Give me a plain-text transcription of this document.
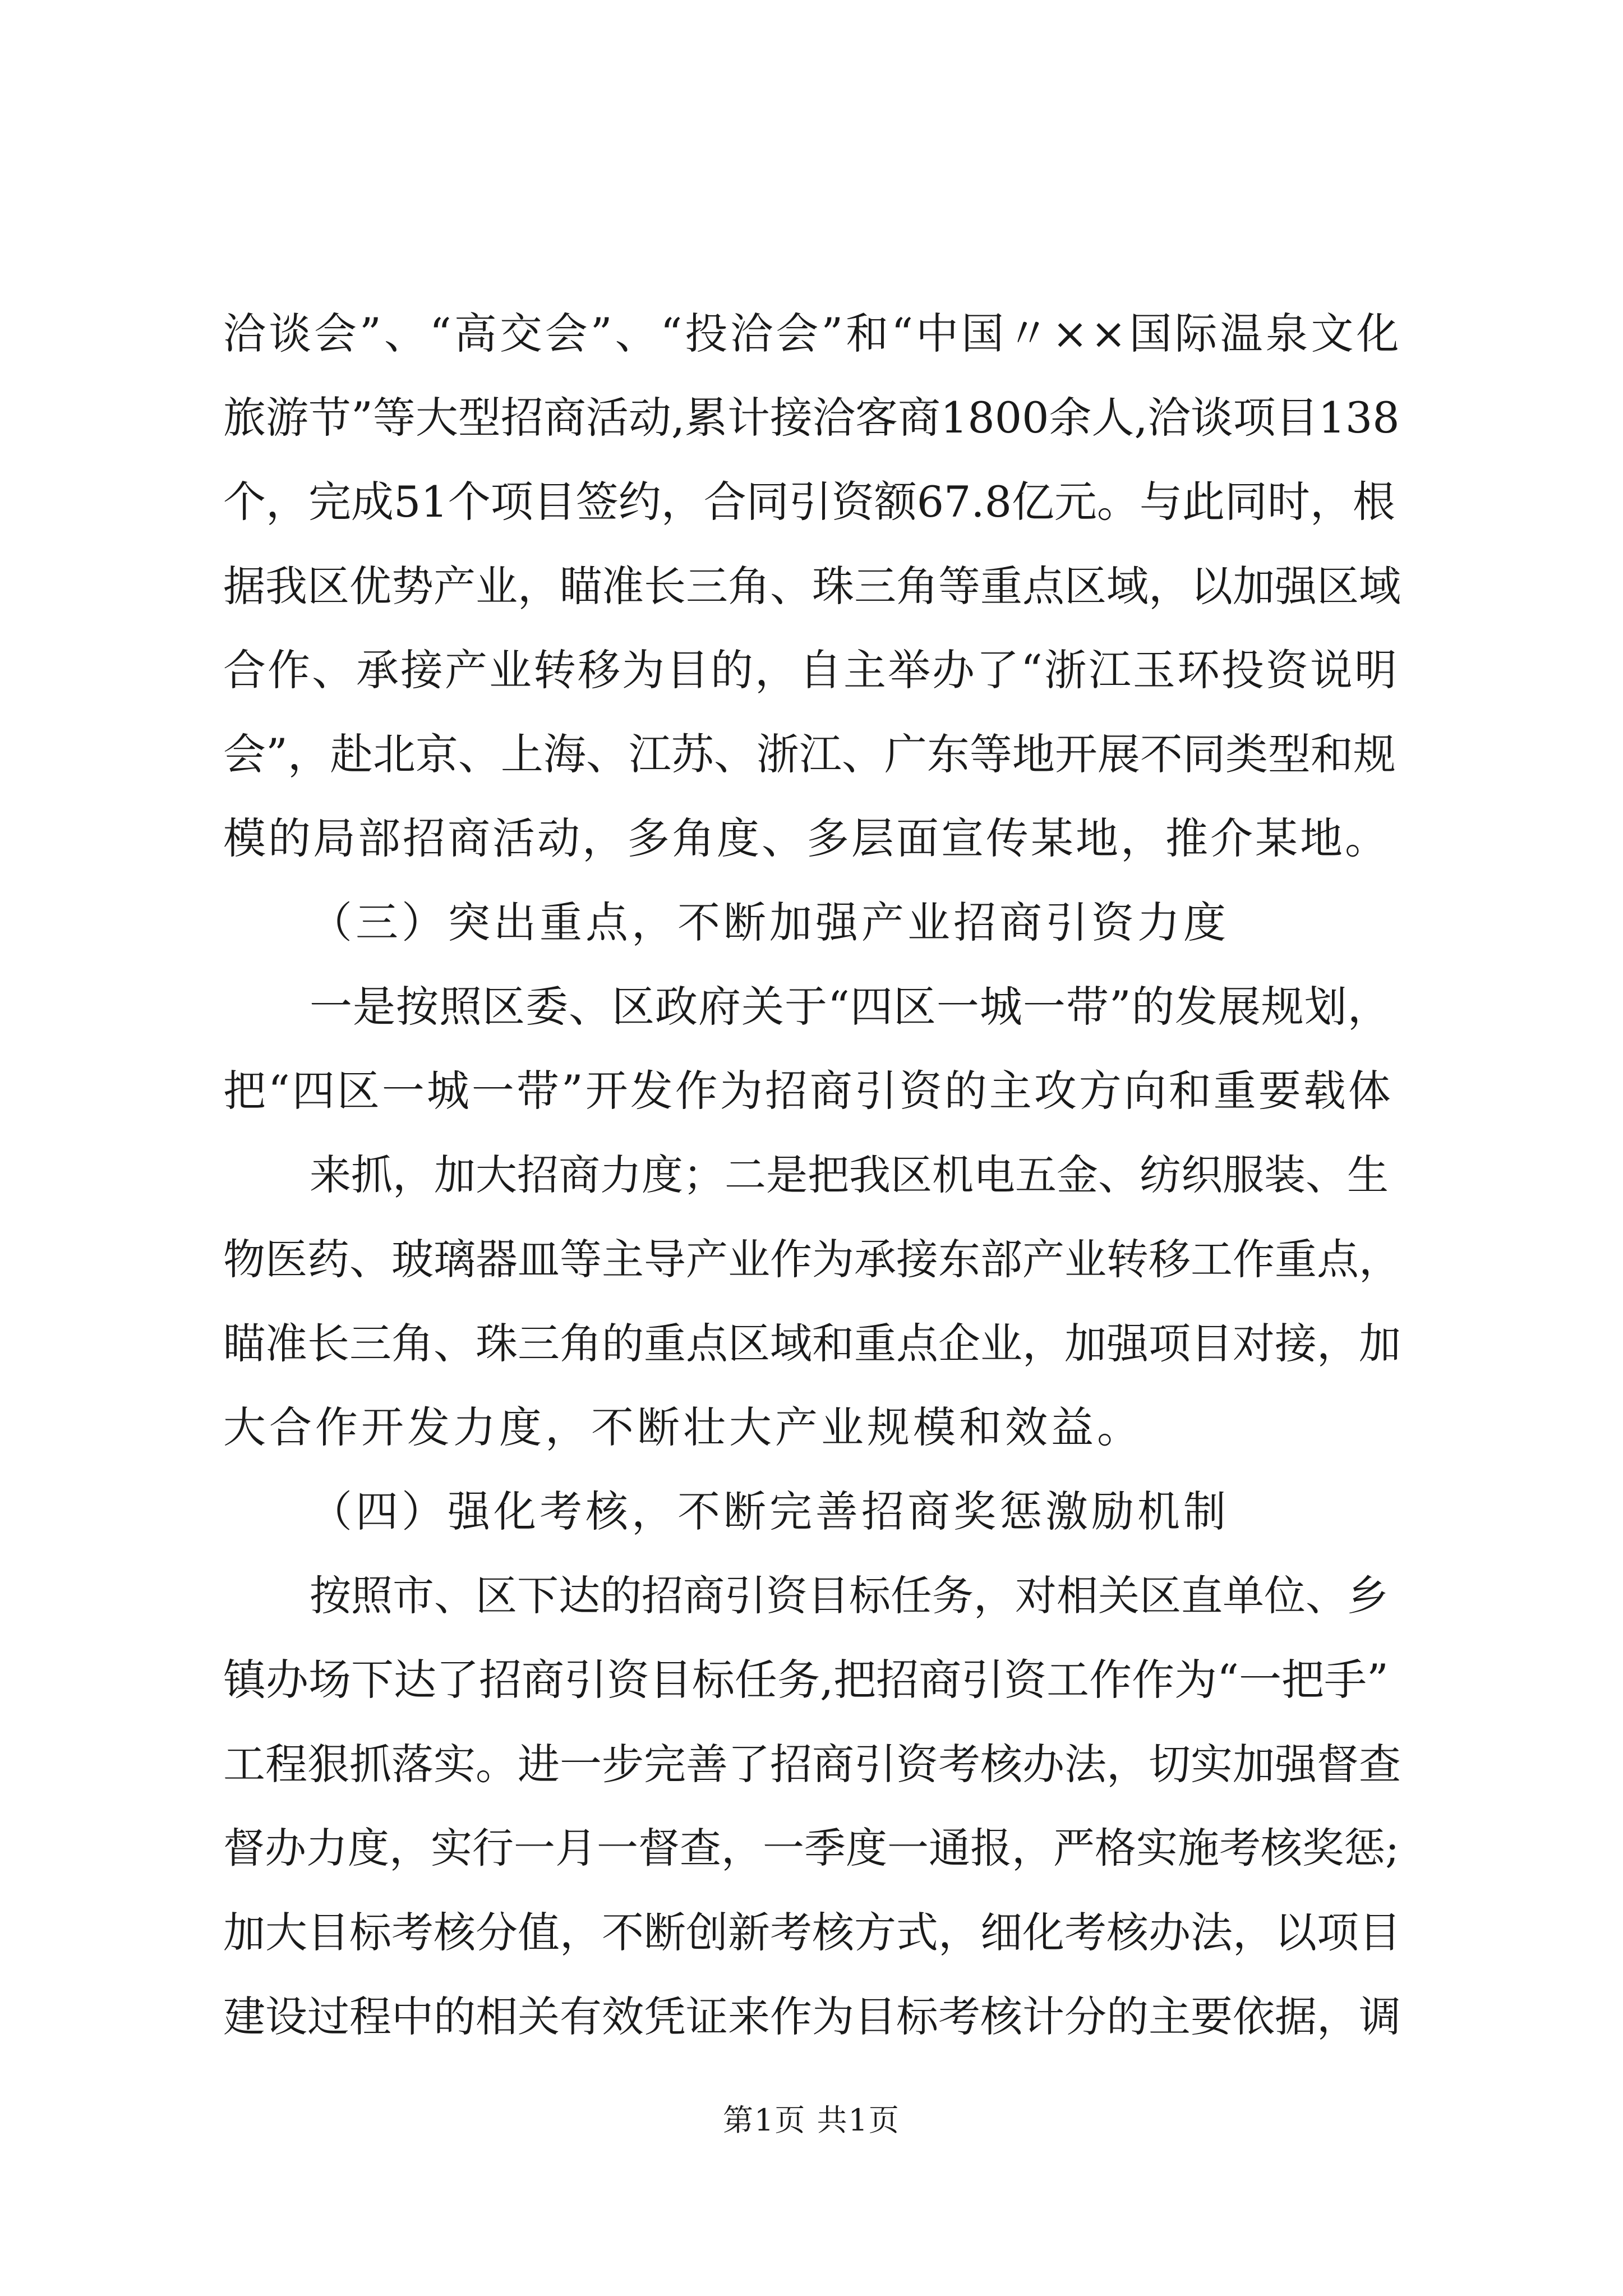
洽谈会”、“高交会”、“投洽会”和“中国〃××国际温泉文化
旅游节”等大型招商活动,累计接洽客商1800余人,洽谈项目138
个，完成51个项目签约，合同引资额67.8亿元。与此同时，根
据我区优势产业，瞄准长三角、珠三角等重点区域，以加强区域
合作、承接产业转移为目的，自主举办了“浙江玉环投资说明
会”，赴北京、上海、江苏、浙江、广东等地开展不同类型和规
模的局部招商活动，多角度、多层面宣传某地，推介某地。
（三）突出重点，不断加强产业招商引资力度
一是按照区委、区政府关于“四区一城一带”的发展规划，
把“四区一城一带”开发作为招商引资的主攻方向和重要载体
来抓，加大招商力度；二是把我区机电五金、纺织服装、生
物医药、玻璃器皿等主导产业作为承接东部产业转移工作重点，
瞄准长三角、珠三角的重点区域和重点企业，加强项目对接，加
大合作开发力度，不断壮大产业规模和效益。
（四）强化考核，不断完善招商奖惩激励机制
按照市、区下达的招商引资目标任务，对相关区直单位、乡
镇办场下达了招商引资目标任务,把招商引资工作作为“一把手”
工程狠抓落实。进一步完善了招商引资考核办法，切实加强督查
督办力度，实行一月一督查，一季度一通报，严格实施考核奖惩;
加大目标考核分值，不断创新考核方式，细化考核办法，以项目
建设过程中的相关有效凭证来作为目标考核计分的主要依据，调
第1页 共1页
